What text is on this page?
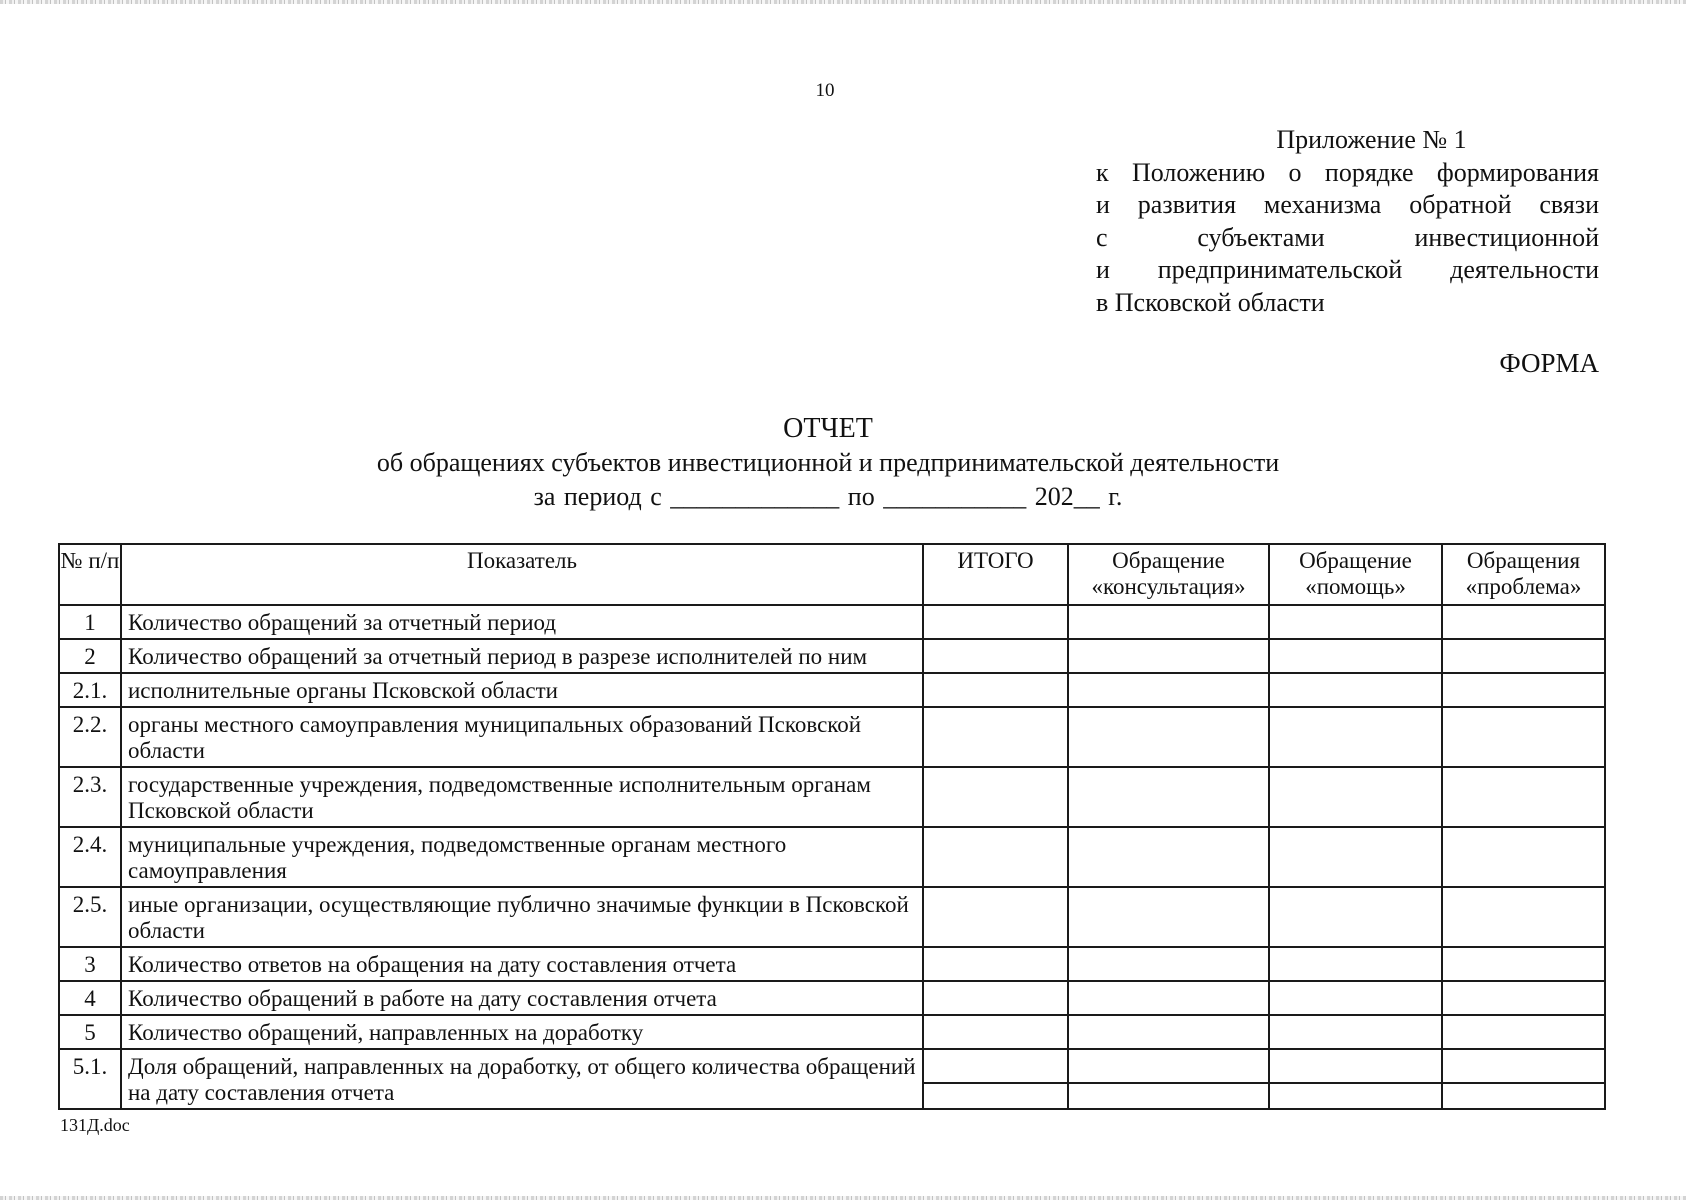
10
Приложение № 1
к Положению о порядке формирования
и развития механизма обратной связи
с субъектами инвестиционной
и предпринимательской деятельности
в Псковской области
ФОРМА
ОТЧЕТ
об обращениях субъектов инвестиционной и предпринимательской деятельности
за период с _____________ по ___________ 202__ г.
№ п/п	Показатель	ИТОГО	Обращение «консультация»	Обращение «помощь»	Обращения «проблема»
1	Количество обращений за отчетный период				
2	Количество обращений за отчетный период в разрезе исполнителей по ним				
2.1.	исполнительные органы Псковской области				
2.2.	органы местного самоуправления муниципальных образований Псковской области				
2.3.	государственные учреждения, подведомственные исполнительным органам Псковской области				
2.4.	муниципальные учреждения, подведомственные органам местного самоуправления				
2.5.	иные организации, осуществляющие публично значимые функции в Псковской области				
3	Количество ответов на обращения на дату составления отчета				
4	Количество обращений в работе на дату составления отчета				
5	Количество обращений, направленных на доработку				
5.1.	Доля обращений, направленных на доработку, от общего количества обращений на дату составления отчета	

131Д.doc
